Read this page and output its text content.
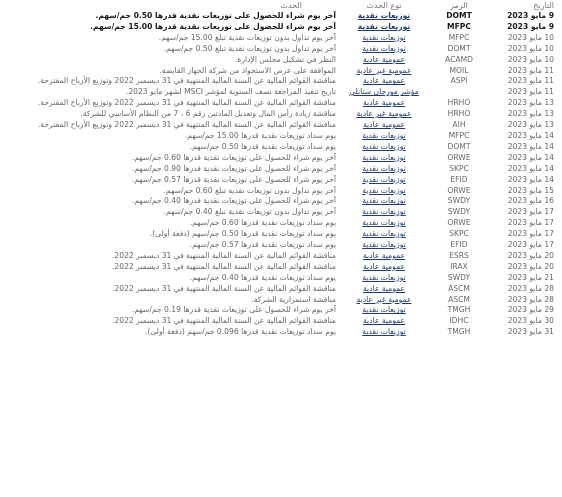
التاريخ	الرمز	نوع الحدث	الحدث
9 مايو 2023	DOMT	توزيعات نقدية	آخر يوم شراء للحصول على توزيعات نقدية قدرها 0.50 جم/سهم.
9 مايو 2023	MFPC	توزيعات نقدية	آخر يوم شراء للحصول على توزيعات نقدية قدرها 15.00 جم/سهم.
10 مايو 2023	MFPC	توزيعات نقدية	آخر يوم تداول بدون توزيعات نقدية تبلغ 15.00 جم/سهم.
10 مايو 2023	DOMT	توزيعات نقدية	آخر يوم تداول بدون توزيعات نقدية تبلغ 0.50 جم/سهم.
10 مايو 2023	ACAMD	عمومية عادية	النظر في تشكيل مجلس الإدارة.
11 مايو 2023	MOIL	عمومية غير عادية	الموافقة على عرض الاستحواذ من شركة الجهاز القابضة.
11 مايو 2023	ASPI	عمومية عادية	مناقشة القوائم المالية عن السنة المالية المنتهية في 31 ديسمبر 2022 وتوزيع الأرباح المقترحة.
11 مايو 2023		مؤشر مورجان ستانلي	تاريخ تنفيذ المراجعة نصف السنوية لمؤشر MSCI لشهر مايو 2023.
13 مايو 2023	HRHO	عمومية عادية	مناقشة القوائم المالية عن السنة المالية المنتهية في 31 ديسمبر 2022 وتوزيع الأرباح المقترحة.
13 مايو 2023	HRHO	عمومية غير عادية	مناقشة زيادة رأس المال وتعديل المادتين رقم 6 ، 7 من النظام الأساسي للشركة.
13 مايو 2023	AIH	عمومية عادية	مناقشة القوائم المالية عن السنة المالية المنتهية في 31 ديسمبر 2022 وتوزيع الأرباح المقترحة.
14 مايو 2023	MFPC	توزيعات نقدية	يوم سداد توزيعات نقدية قدرها 15.00 جم/سهم.
14 مايو 2023	DOMT	توزيعات نقدية	يوم سداد توزيعات نقدية قدرها 0.50 جم/سهم.
14 مايو 2023	ORWE	توزيعات نقدية	آخر يوم شراء للحصول على توزيعات نقدية قدرها 0.60 جم/سهم.
14 مايو 2023	SKPC	توزيعات نقدية	آخر يوم شراء للحصول على توزيعات نقدية قدرها 0.90 جم/سهم.
14 مايو 2023	EFID	توزيعات نقدية	آخر يوم شراء للحصول على توزيعات نقدية قدرها 0.57 جم/سهم.
15 مايو 2023	ORWE	توزيعات نقدية	آخر يوم تداول بدون توزيعات نقدية تبلغ 0.60 جم/سهم.
16 مايو 2023	SWDY	توزيعات نقدية	آخر يوم شراء للحصول على توزيعات نقدية قدرها 0.40 جم/سهم.
17 مايو 2023	SWDY	توزيعات نقدية	آخر يوم تداول بدون توزيعات نقدية تبلغ 0.40 جم/سهم.
17 مايو 2023	ORWE	توزيعات نقدية	يوم سداد توزيعات نقدية قدرها 0.60 جم/سهم.
17 مايو 2023	SKPC	توزيعات نقدية	يوم سداد توزيعات نقدية قدرها 0.50 جم/سهم (دفعة أولى).
17 مايو 2023	EFID	توزيعات نقدية	يوم سداد توزيعات نقدية قدرها 0.57 جم/سهم.
20 مايو 2023	ESRS	عمومية عادية	مناقشة القوائم المالية عن السنة المالية المنتهية في 31 ديسمبر 2022.
20 مايو 2023	IRAX	عمومية عادية	مناقشة القوائم المالية عن السنة المالية المنتهية في 31 ديسمبر 2022.
21 مايو 2023	SWDY	توزيعات نقدية	يوم سداد توزيعات نقدية قدرها 0.40 جم/سهم.
28 مايو 2023	ASCM	عمومية عادية	مناقشة القوائم المالية عن السنة المالية المنتهية في 31 ديسمبر 2022.
28 مايو 2023	ASCM	عمومية غير عادية	مناقشة استمرارية الشركة.
29 مايو 2023	TMGH	توزيعات نقدية	آخر يوم شراء للحصول على توزيعات نقدية قدرها 0.19 جم/سهم.
30 مايو 2023	IDHC	عمومية عادية	مناقشة القوائم المالية عن السنة المالية المنتهية في 31 ديسمبر 2022.
31 مايو 2023	TMGH	توزيعات نقدية	يوم سداد توزيعات نقدية قدرها 0.096 جم/سهم (دفعة أولى).
